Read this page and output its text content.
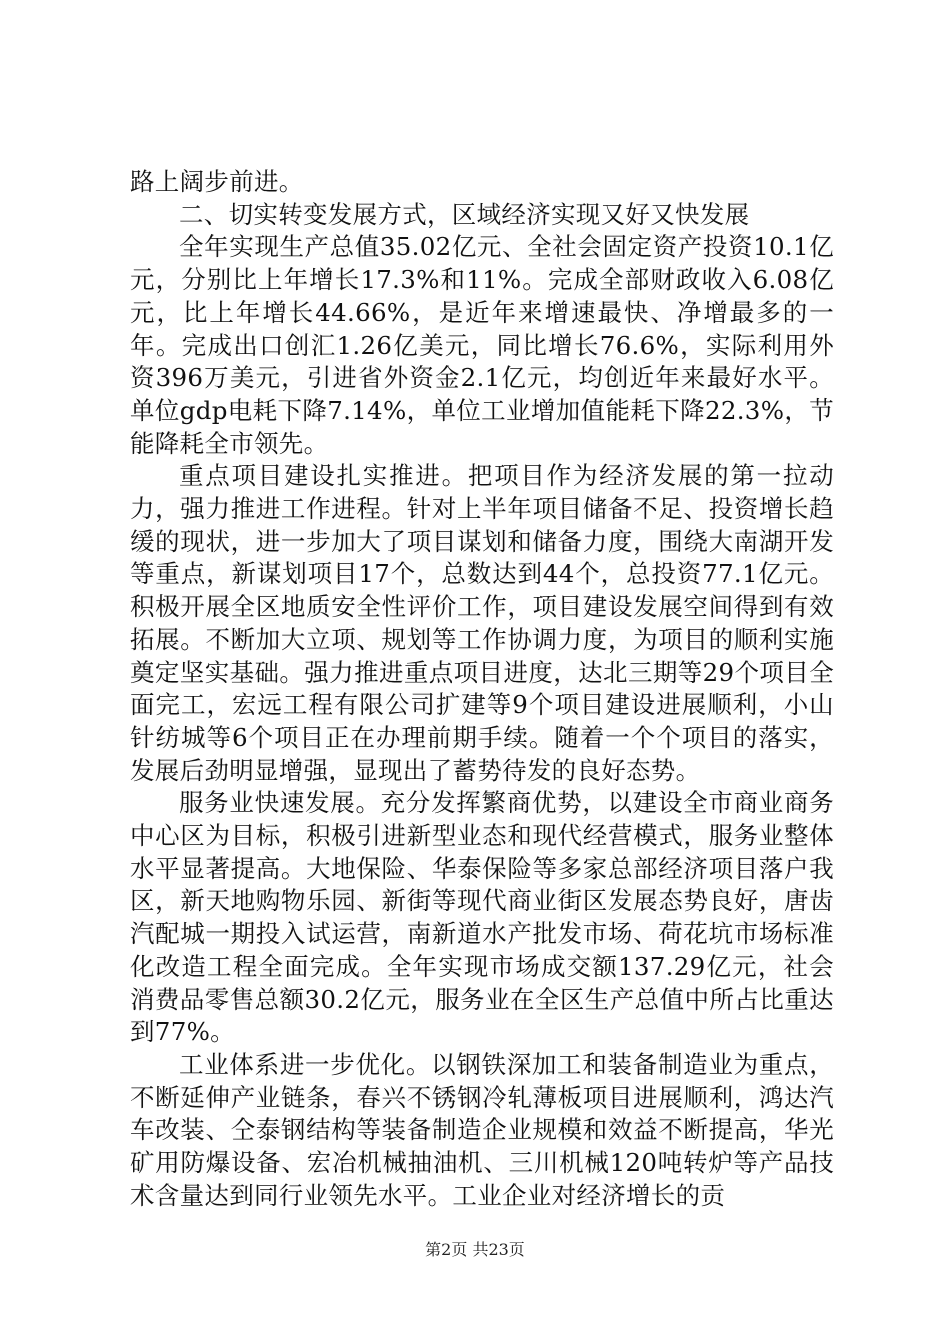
路上阔步前进。

二、切实转变发展方式，区域经济实现又好又快发展

全年实现生产总值35.02亿元、全社会固定资产投资10.1亿元，分别比上年增长17.3%和11%。完成全部财政收入6.08亿元，比上年增长44.66%，是近年来增速最快、净增最多的一年。完成出口创汇1.26亿美元，同比增长76.6%，实际利用外资396万美元，引进省外资金2.1亿元，均创近年来最好水平。单位gdp电耗下降7.14%，单位工业增加值能耗下降22.3%，节能降耗全市领先。

重点项目建设扎实推进。把项目作为经济发展的第一拉动力，强力推进工作进程。针对上半年项目储备不足、投资增长趋缓的现状，进一步加大了项目谋划和储备力度，围绕大南湖开发等重点，新谋划项目17个，总数达到44个，总投资77.1亿元。积极开展全区地质安全性评价工作，项目建设发展空间得到有效拓展。不断加大立项、规划等工作协调力度，为项目的顺利实施奠定坚实基础。强力推进重点项目进度，达北三期等29个项目全面完工，宏远工程有限公司扩建等9个项目建设进展顺利，小山针纺城等6个项目正在办理前期手续。随着一个个项目的落实，发展后劲明显增强，显现出了蓄势待发的良好态势。

服务业快速发展。充分发挥繁商优势，以建设全市商业商务中心区为目标，积极引进新型业态和现代经营模式，服务业整体水平显著提高。大地保险、华泰保险等多家总部经济项目落户我区，新天地购物乐园、新街等现代商业街区发展态势良好，唐齿汽配城一期投入试运营，南新道水产批发市场、荷花坑市场标准化改造工程全面完成。全年实现市场成交额137.29亿元，社会消费品零售总额30.2亿元，服务业在全区生产总值中所占比重达到77%。

工业体系进一步优化。以钢铁深加工和装备制造业为重点，不断延伸产业链条，春兴不锈钢冷轧薄板项目进展顺利，鸿达汽车改装、仝泰钢结构等装备制造企业规模和效益不断提高，华光矿用防爆设备、宏冶机械抽油机、三川机械120吨转炉等产品技术含量达到同行业领先水平。工业企业对经济增长的贡

第2页 共23页
